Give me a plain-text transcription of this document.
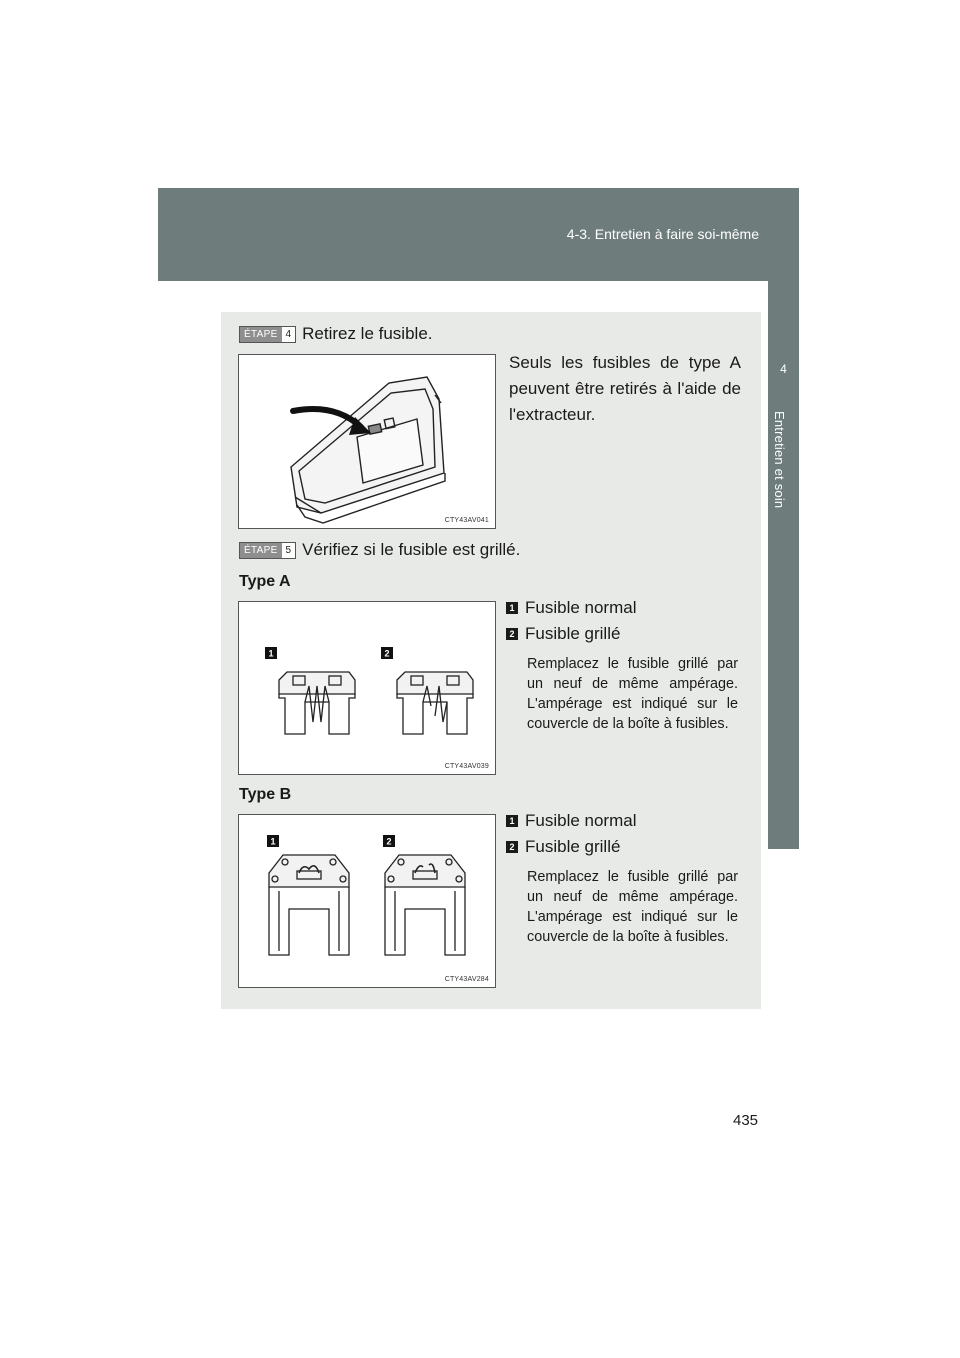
4-3. Entretien à faire soi-même
4
Entretien et soin
ÉTAPE 4 Retirez le fusible.
CTY43AV041
Seuls les fusibles de type A peuvent être retirés à l'aide de l'extracteur.
ÉTAPE 5 Vérifiez si le fusible est grillé.
Type A
1	2
CTY43AV039
1 Fusible normal
2 Fusible grillé
Remplacez le fusible grillé par un neuf de même ampérage. L'ampérage est indiqué sur le couvercle de la boîte à fusibles.
Type B
1	2
CTY43AV284
1 Fusible normal
2 Fusible grillé
Remplacez le fusible grillé par un neuf de même ampérage. L'ampérage est indiqué sur le couvercle de la boîte à fusibles.
435
